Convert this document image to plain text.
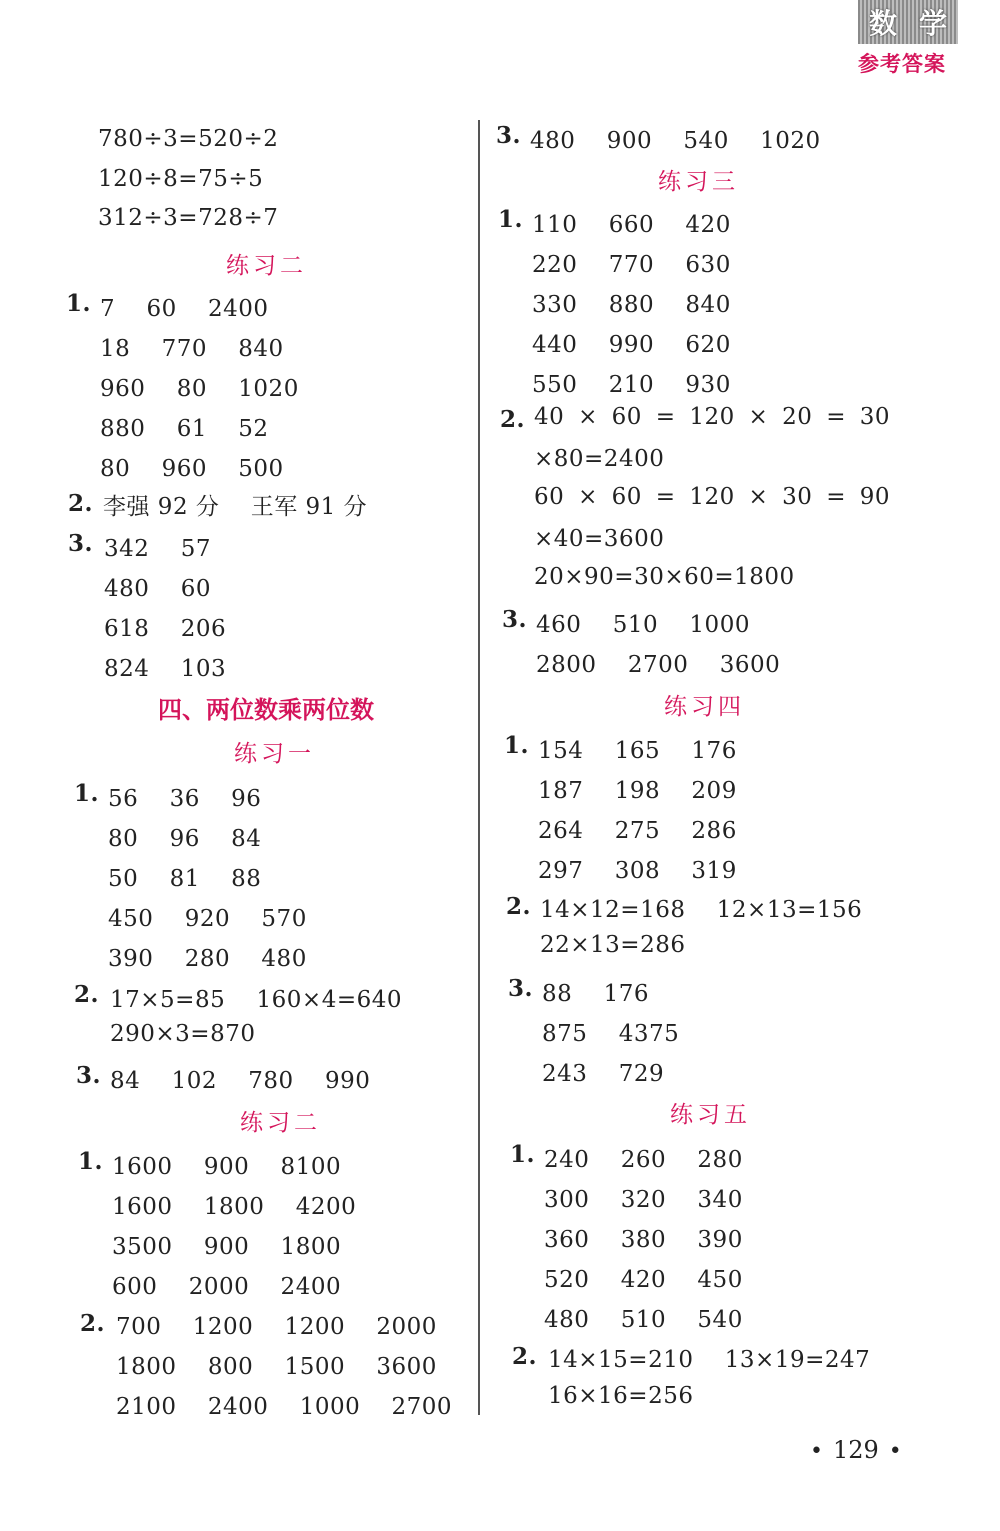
数 学
参考答案
780÷3=520÷2
120÷8=75÷5
312÷3=728÷7
练习二
1. 7　 60　 2400
18　 770　 840
960　 80　 1020
880　 61　 52
80　 960　 500
2. 李强 92 分　 王军 91 分
3. 342　 57
480　 60
618　 206
824　 103
四、两位数乘两位数
练习一
1. 56　 36　 96
80　 96　 84
50　 81　 88
450　 920　 570
390　 280　 480
2. 17×5=85　 160×4=640
290×3=870
3. 84　 102　 780　 990
练习二
1. 1600　 900　 8100
1600　 1800　 4200
3500　 900　 1800
600　 2000　 2400
2. 700　 1200　 1200　 2000
1800　 800　 1500　 3600
2100　 2400　 1000　 2700
3. 480　 900　 540　 1020
练习三
1. 110　 660　 420
220　 770　 630
330　 880　 840
440　 990　 620
550　 210　 930
2. 40 × 60 = 120 × 20 = 30
×80=2400
60 × 60 = 120 × 30 = 90
×40=3600
20×90=30×60=1800
3. 460　 510　 1000
2800　 2700　 3600
练习四
1. 154　 165　 176
187　 198　 209
264　 275　 286
297　 308　 319
2. 14×12=168　 12×13=156
22×13=286
3. 88　 176
875　 4375
243　 729
练习五
1. 240　 260　 280
300　 320　 340
360　 380　 390
520　 420　 450
480　 510　 540
2. 14×15=210　 13×19=247
16×16=256
• 129 •
